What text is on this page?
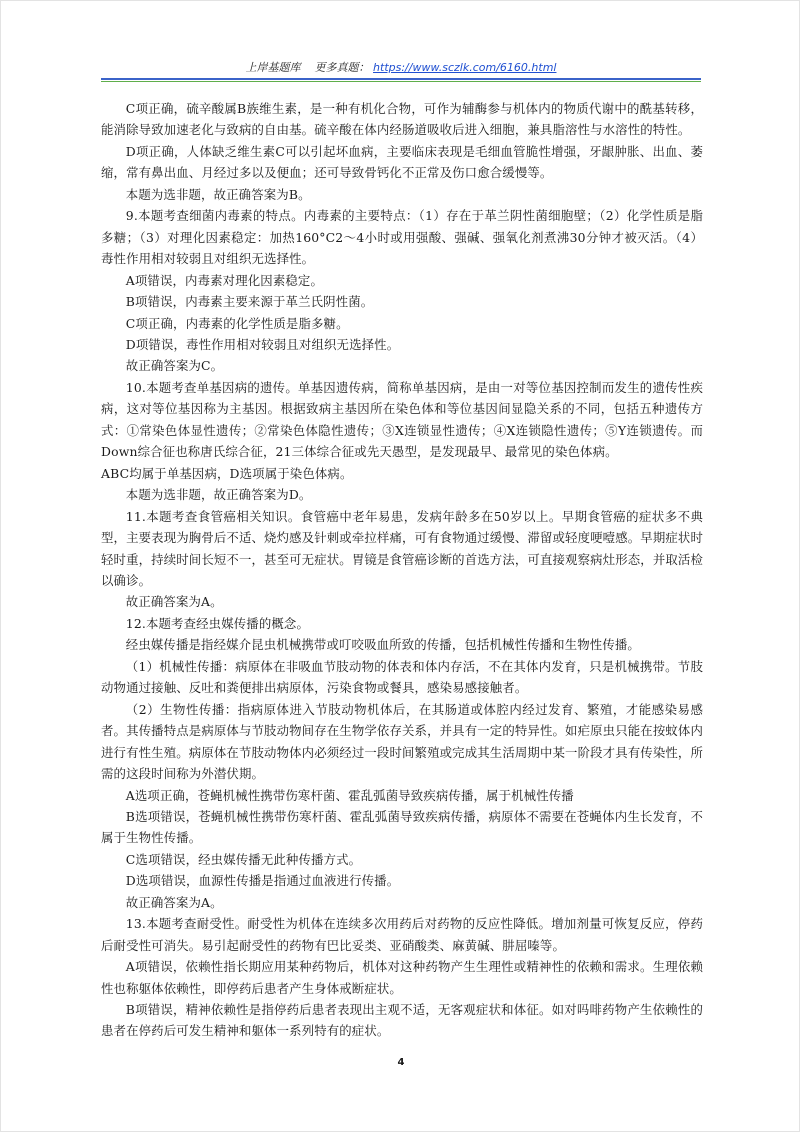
上岸基题库 更多真题： https://www.sczlk.com/6160.html

C项正确，硫辛酸属B族维生素，是一种有机化合物，可作为辅酶参与机体内的物质代谢中的酰基转移，能消除导致加速老化与致病的自由基。硫辛酸在体内经肠道吸收后进入细胞，兼具脂溶性与水溶性的特性。

D项正确，人体缺乏维生素C可以引起坏血病，主要临床表现是毛细血管脆性增强，牙龈肿胀、出血、萎缩，常有鼻出血、月经过多以及便血；还可导致骨钙化不正常及伤口愈合缓慢等。

本题为选非题，故正确答案为B。

9.本题考查细菌内毒素的特点。内毒素的主要特点：（1）存在于革兰阴性菌细胞壁；（2）化学性质是脂多糖；（3）对理化因素稳定：加热160°C2～4小时或用强酸、强碱、强氧化剂煮沸30分钟才被灭活。（4）毒性作用相对较弱且对组织无选择性。

A项错误，内毒素对理化因素稳定。

B项错误，内毒素主要来源于革兰氏阴性菌。

C项正确，内毒素的化学性质是脂多糖。

D项错误，毒性作用相对较弱且对组织无选择性。

故正确答案为C。

10.本题考查单基因病的遗传。单基因遗传病，简称单基因病，是由一对等位基因控制而发生的遗传性疾病，这对等位基因称为主基因。根据致病主基因所在染色体和等位基因间显隐关系的不同，包括五种遗传方式：①常染色体显性遗传；②常染色体隐性遗传；③X连锁显性遗传；④X连锁隐性遗传；⑤Y连锁遗传。而Down综合征也称唐氏综合征，21三体综合征或先天愚型，是发现最早、最常见的染色体病。

ABC均属于单基因病，D选项属于染色体病。

本题为选非题，故正确答案为D。

11.本题考查食管癌相关知识。食管癌中老年易患，发病年龄多在50岁以上。早期食管癌的症状多不典型，主要表现为胸骨后不适、烧灼感及针刺或牵拉样痛，可有食物通过缓慢、滞留或轻度哽噎感。早期症状时轻时重，持续时间长短不一，甚至可无症状。胃镜是食管癌诊断的首选方法，可直接观察病灶形态，并取活检以确诊。

故正确答案为A。

12.本题考查经虫媒传播的概念。

经虫媒传播是指经媒介昆虫机械携带或叮咬吸血所致的传播，包括机械性传播和生物性传播。

（1）机械性传播：病原体在非吸血节肢动物的体表和体内存活，不在其体内发育，只是机械携带。节肢动物通过接触、反吐和粪便排出病原体，污染食物或餐具，感染易感接触者。

（2）生物性传播：指病原体进入节肢动物机体后，在其肠道或体腔内经过发育、繁殖，才能感染易感者。其传播特点是病原体与节肢动物间存在生物学依存关系，并具有一定的特异性。如疟原虫只能在按蚊体内进行有性生殖。病原体在节肢动物体内必须经过一段时间繁殖或完成其生活周期中某一阶段才具有传染性，所需的这段时间称为外潜伏期。

A选项正确，苍蝇机械性携带伤寒杆菌、霍乱弧菌导致疾病传播，属于机械性传播

B选项错误，苍蝇机械性携带伤寒杆菌、霍乱弧菌导致疾病传播，病原体不需要在苍蝇体内生长发育，不属于生物性传播。

C选项错误，经虫媒传播无此种传播方式。

D选项错误，血源性传播是指通过血液进行传播。

故正确答案为A。

13.本题考查耐受性。耐受性为机体在连续多次用药后对药物的反应性降低。增加剂量可恢复反应，停药后耐受性可消失。易引起耐受性的药物有巴比妥类、亚硝酸类、麻黄碱、肼屈嗪等。

A项错误，依赖性指长期应用某种药物后，机体对这种药物产生生理性或精神性的依赖和需求。生理依赖性也称躯体依赖性，即停药后患者产生身体戒断症状。

B项错误，精神依赖性是指停药后患者表现出主观不适，无客观症状和体征。如对吗啡药物产生依赖性的患者在停药后可发生精神和躯体一系列特有的症状。

4
